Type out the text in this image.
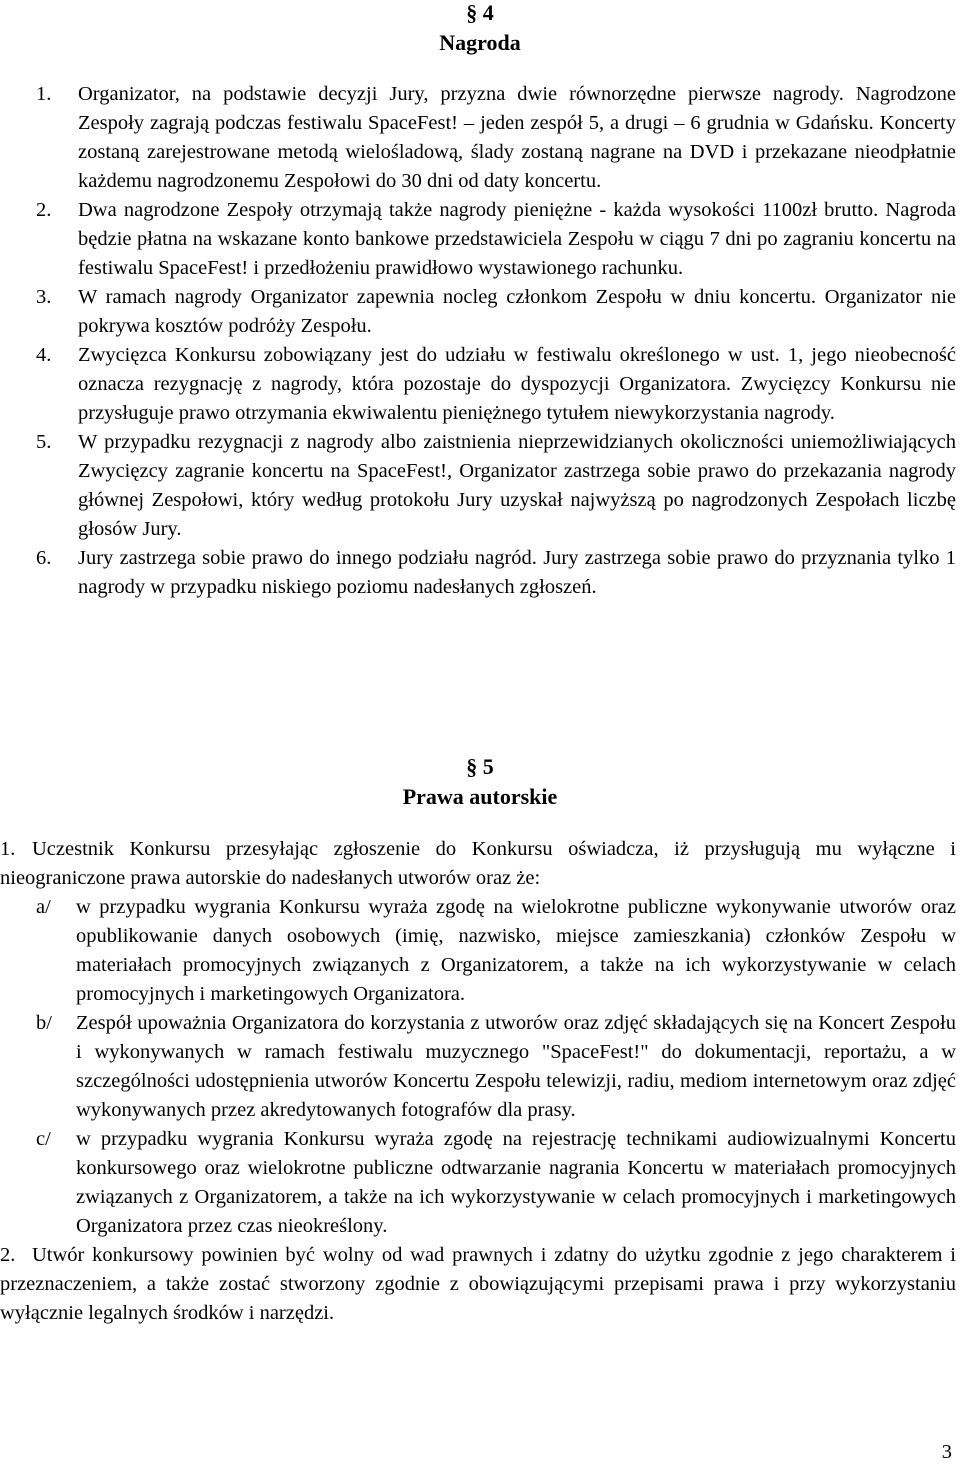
§ 4

Nagroda

1. Organizator, na podstawie decyzji Jury, przyzna dwie równorzędne pierwsze nagrody. Nagrodzone Zespoły zagrają podczas festiwalu SpaceFest! – jeden zespół 5, a drugi – 6 grudnia w Gdańsku. Koncerty zostaną zarejestrowane metodą wielośladową, ślady zostaną nagrane na DVD i przekazane nieodpłatnie każdemu nagrodzonemu Zespołowi do 30 dni od daty koncertu.
2. Dwa nagrodzone Zespoły otrzymają także nagrody pieniężne - każda wysokości 1100zł brutto. Nagroda będzie płatna na wskazane konto bankowe przedstawiciela Zespołu w ciągu 7 dni po zagraniu koncertu na festiwalu SpaceFest! i przedłożeniu prawidłowo wystawionego rachunku.
3. W ramach nagrody Organizator zapewnia nocleg członkom Zespołu w dniu koncertu. Organizator nie pokrywa kosztów podróży Zespołu.
4. Zwycięzca Konkursu zobowiązany jest do udziału w festiwalu określonego w ust. 1, jego nieobecność oznacza rezygnację z nagrody, która pozostaje do dyspozycji Organizatora. Zwycięzcy Konkursu nie przysługuje prawo otrzymania ekwiwalentu pieniężnego tytułem niewykorzystania nagrody.
5. W przypadku rezygnacji z nagrody albo zaistnienia nieprzewidzianych okoliczności uniemożliwiających Zwycięzcy zagranie koncertu na SpaceFest!, Organizator zastrzega sobie prawo do przekazania nagrody głównej Zespołowi, który według protokołu Jury uzyskał najwyższą po nagrodzonych Zespołach liczbę głosów Jury.
6. Jury zastrzega sobie prawo do innego podziału nagród. Jury zastrzega sobie prawo do przyznania tylko 1 nagrody w przypadku niskiego poziomu nadesłanych zgłoszeń.

§ 5

Prawa autorskie

1. Uczestnik Konkursu przesyłając zgłoszenie do Konkursu oświadcza, iż przysługują mu wyłączne i nieograniczone prawa autorskie do nadesłanych utworów oraz że:
a/	w przypadku wygrania Konkursu wyraża zgodę na wielokrotne publiczne wykonywanie utworów oraz opublikowanie danych osobowych (imię, nazwisko, miejsce zamieszkania) członków Zespołu w materiałach promocyjnych związanych z Organizatorem, a także na ich wykorzystywanie w celach promocyjnych i marketingowych Organizatora.
b/	Zespół upoważnia Organizatora do korzystania z utworów oraz zdjęć składających się na Koncert Zespołu i wykonywanych w ramach festiwalu muzycznego "SpaceFest!" do dokumentacji, reportażu, a w szczególności udostępnienia utworów Koncertu Zespołu telewizji, radiu, mediom internetowym oraz zdjęć wykonywanych przez akredytowanych fotografów dla prasy.
c/	w przypadku wygrania Konkursu wyraża zgodę na rejestrację technikami audiowizualnymi Koncertu konkursowego oraz wielokrotne publiczne odtwarzanie nagrania Koncertu w materiałach promocyjnych związanych z Organizatorem, a także na ich wykorzystywanie w celach promocyjnych i marketingowych Organizatora przez czas nieokreślony.
2. Utwór konkursowy powinien być wolny od wad prawnych i zdatny do użytku zgodnie z jego charakterem i przeznaczeniem, a także zostać stworzony zgodnie z obowiązującymi przepisami prawa i przy wykorzystaniu wyłącznie legalnych środków i narzędzi.
3
